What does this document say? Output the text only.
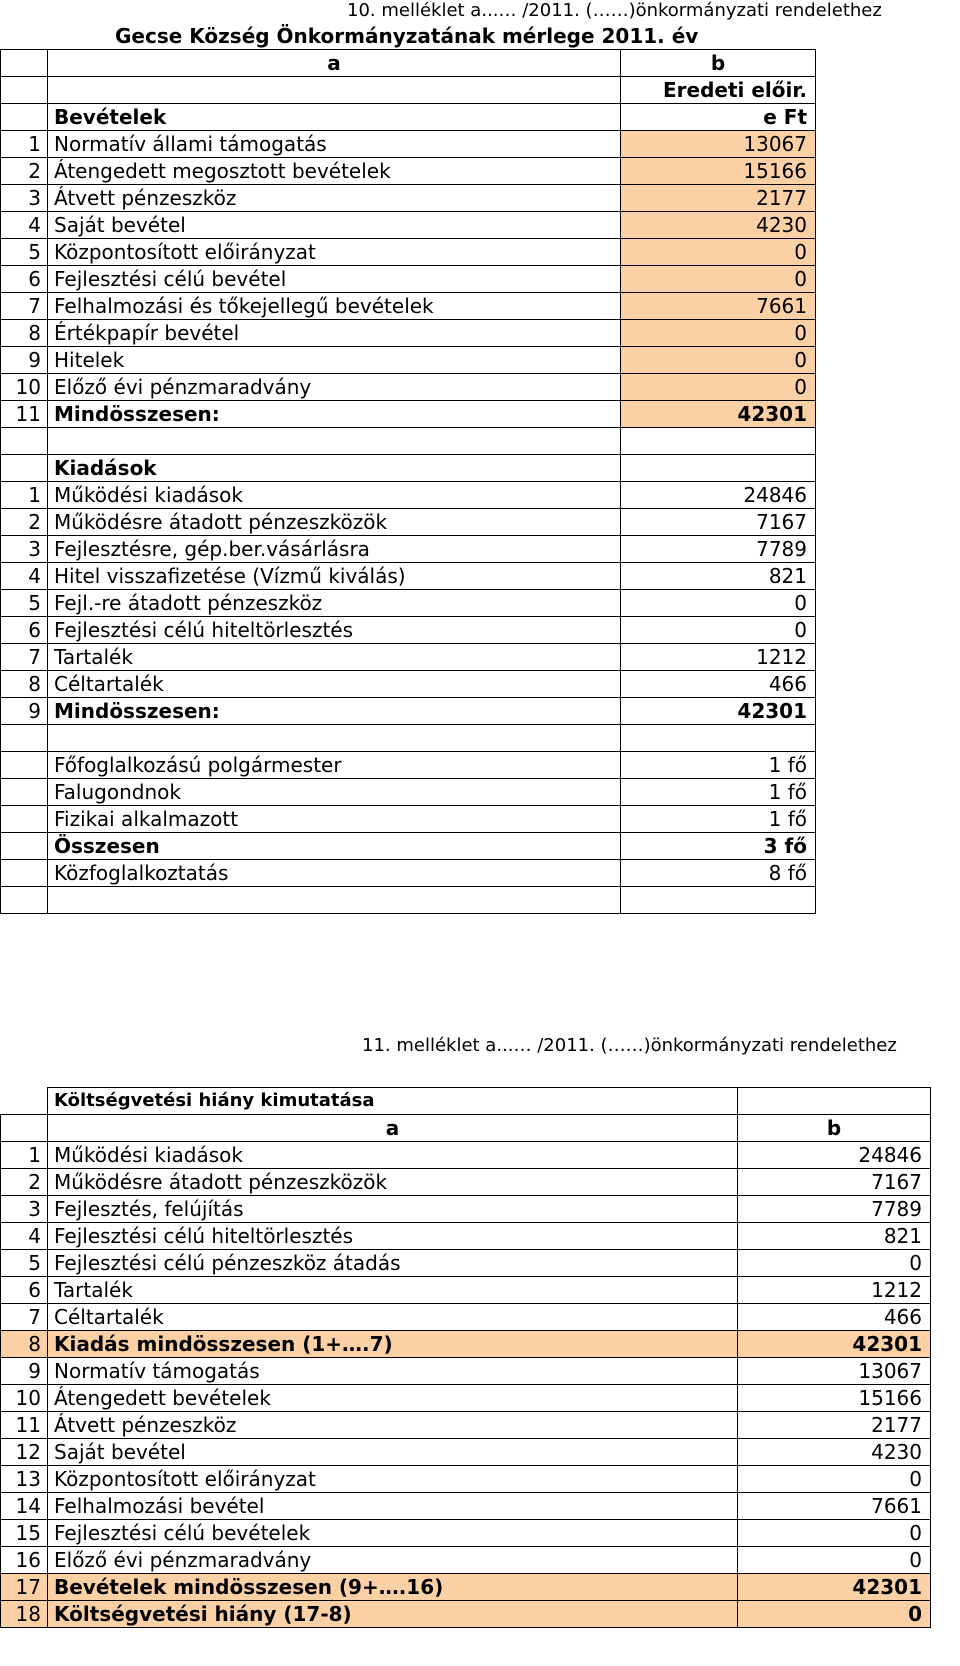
10. melléklet a...… /2011. (……)önkormányzati rendelethez
Gecse Község Önkormányzatának mérlege 2011. év
	a	b
		Eredeti előir.
	Bevételek	e Ft
1	Normatív állami támogatás	13067
2	Átengedett megosztott bevételek	15166
3	Átvett pénzeszköz	2177
4	Saját bevétel	4230
5	Központosított előirányzat	0
6	Fejlesztési célú bevétel	0
7	Felhalmozási és tőkejellegű bevételek	7661
8	Értékpapír bevétel	0
9	Hitelek	0
10	Előző évi pénzmaradvány	0
11	Mindösszesen:	42301

	Kiadások	
1	Működési kiadások	24846
2	Működésre átadott pénzeszközök	7167
3	Fejlesztésre, gép.ber.vásárlásra	7789
4	Hitel visszafizetése (Vízmű kiválás)	821
5	Fejl.-re átadott pénzeszköz	0
6	Fejlesztési célú hiteltörlesztés	0
7	Tartalék	1212
8	Céltartalék	466
9	Mindösszesen:	42301

	Főfoglalkozású polgármester	1 fő
	Falugondnok	1 fő
	Fizikai alkalmazott	1 fő
	Összesen	3 fő
	Közfoglalkoztatás	8 fő

11. melléklet a...… /2011. (……)önkormányzati rendelethez
	Költségvetési hiány kimutatása	
	a	b
1	Működési kiadások	24846
2	Működésre átadott pénzeszközök	7167
3	Fejlesztés, felújítás	7789
4	Fejlesztési célú hiteltörlesztés	821
5	Fejlesztési célú pénzeszköz átadás	0
6	Tartalék	1212
7	Céltartalék	466
8	Kiadás mindösszesen (1+….7)	42301
9	Normatív támogatás	13067
10	Átengedett bevételek	15166
11	Átvett pénzeszköz	2177
12	Saját bevétel	4230
13	Központosított előirányzat	0
14	Felhalmozási bevétel	7661
15	Fejlesztési célú bevételek	0
16	Előző évi pénzmaradvány	0
17	Bevételek mindösszesen (9+….16)	42301
18	Költségvetési hiány (17-8)	0
